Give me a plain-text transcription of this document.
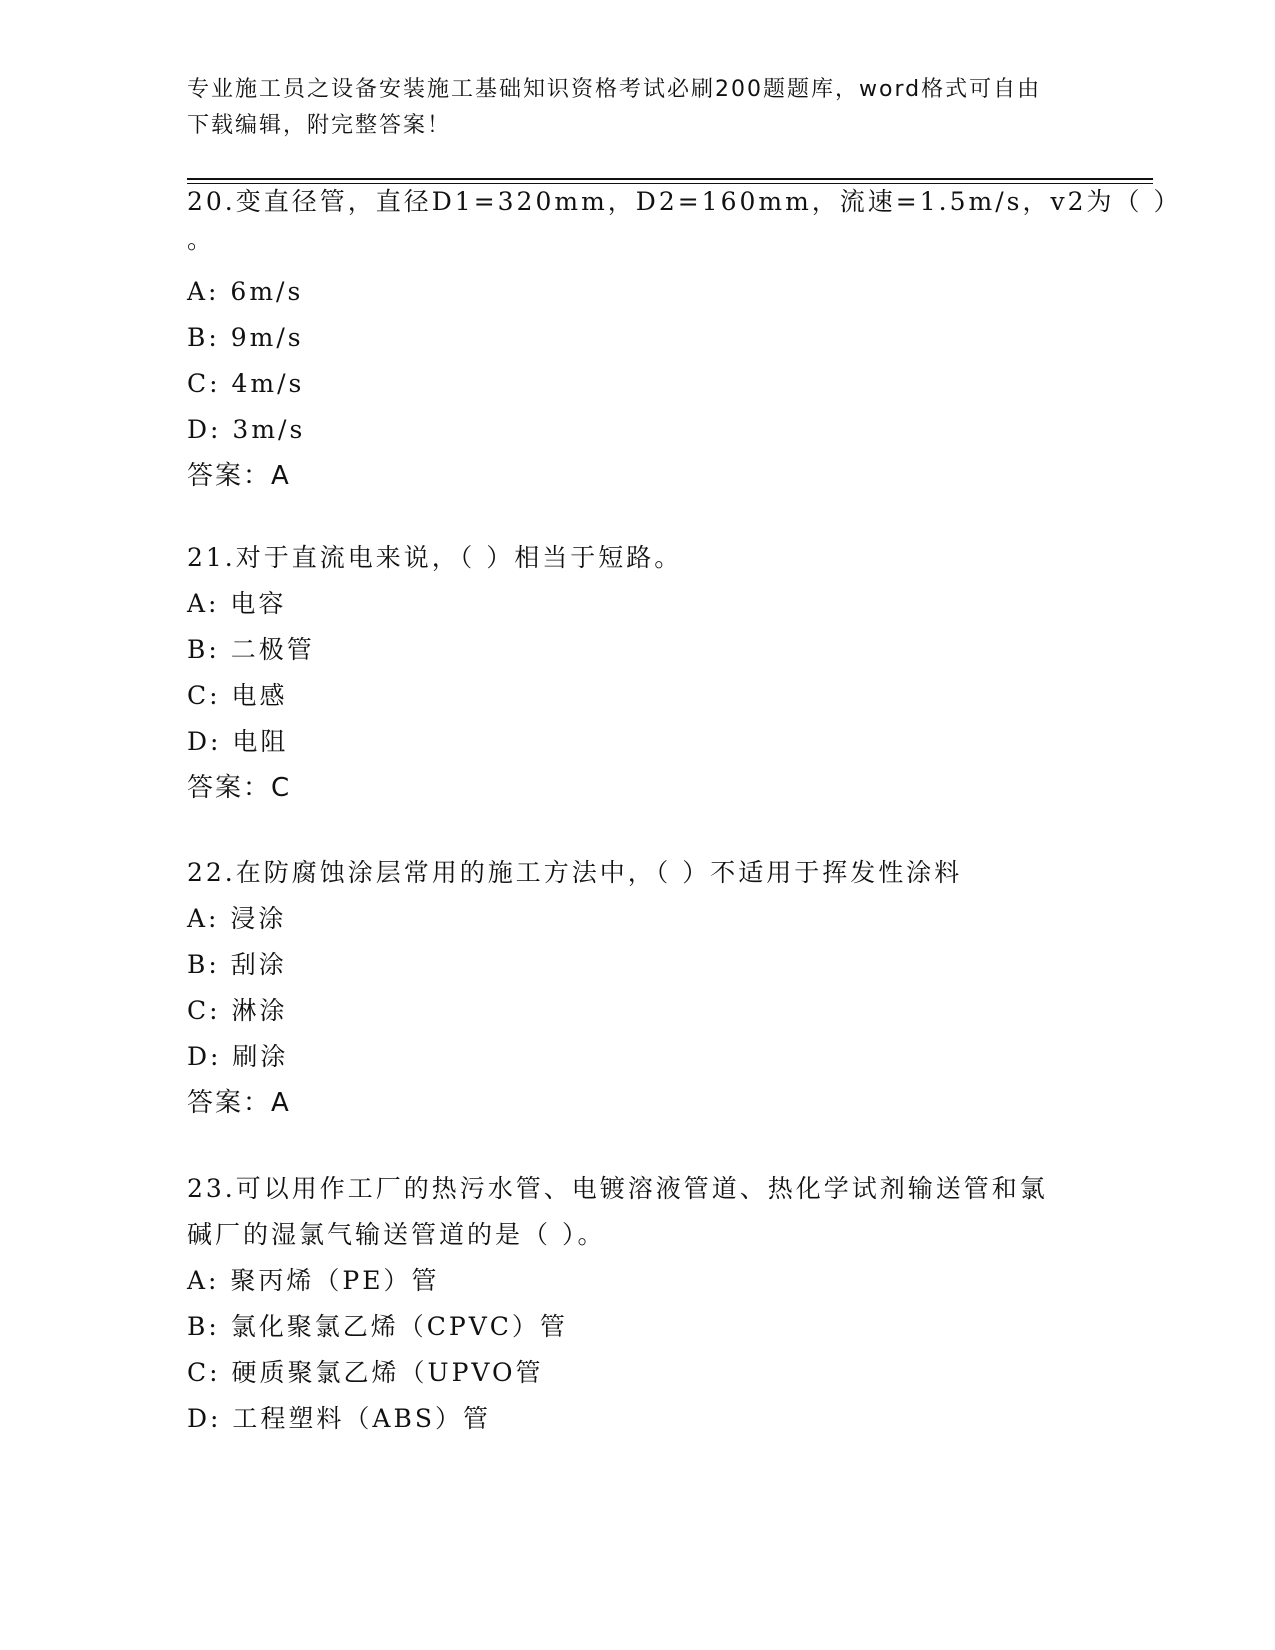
专业施工员之设备安装施工基础知识资格考试必刷200题题库，word格式可自由
下载编辑，附完整答案！
20.变直径管，直径D1=320mm，D2=160mm，流速=1.5m/s，v2为（ ）
。
A: 6m/s
B: 9m/s
C: 4m/s
D: 3m/s
答案：A
21.对于直流电来说，（ ）相当于短路。
A: 电容
B: 二极管
C: 电感
D: 电阻
答案：C
22.在防腐蚀涂层常用的施工方法中，（ ）不适用于挥发性涂料
A: 浸涂
B: 刮涂
C: 淋涂
D: 刷涂
答案：A
23.可以用作工厂的热污水管、电镀溶液管道、热化学试剂输送管和氯
碱厂的湿氯气输送管道的是（ ）。
A: 聚丙烯（PE）管
B: 氯化聚氯乙烯（CPVC）管
C: 硬质聚氯乙烯（UPVO管
D: 工程塑料（ABS）管
